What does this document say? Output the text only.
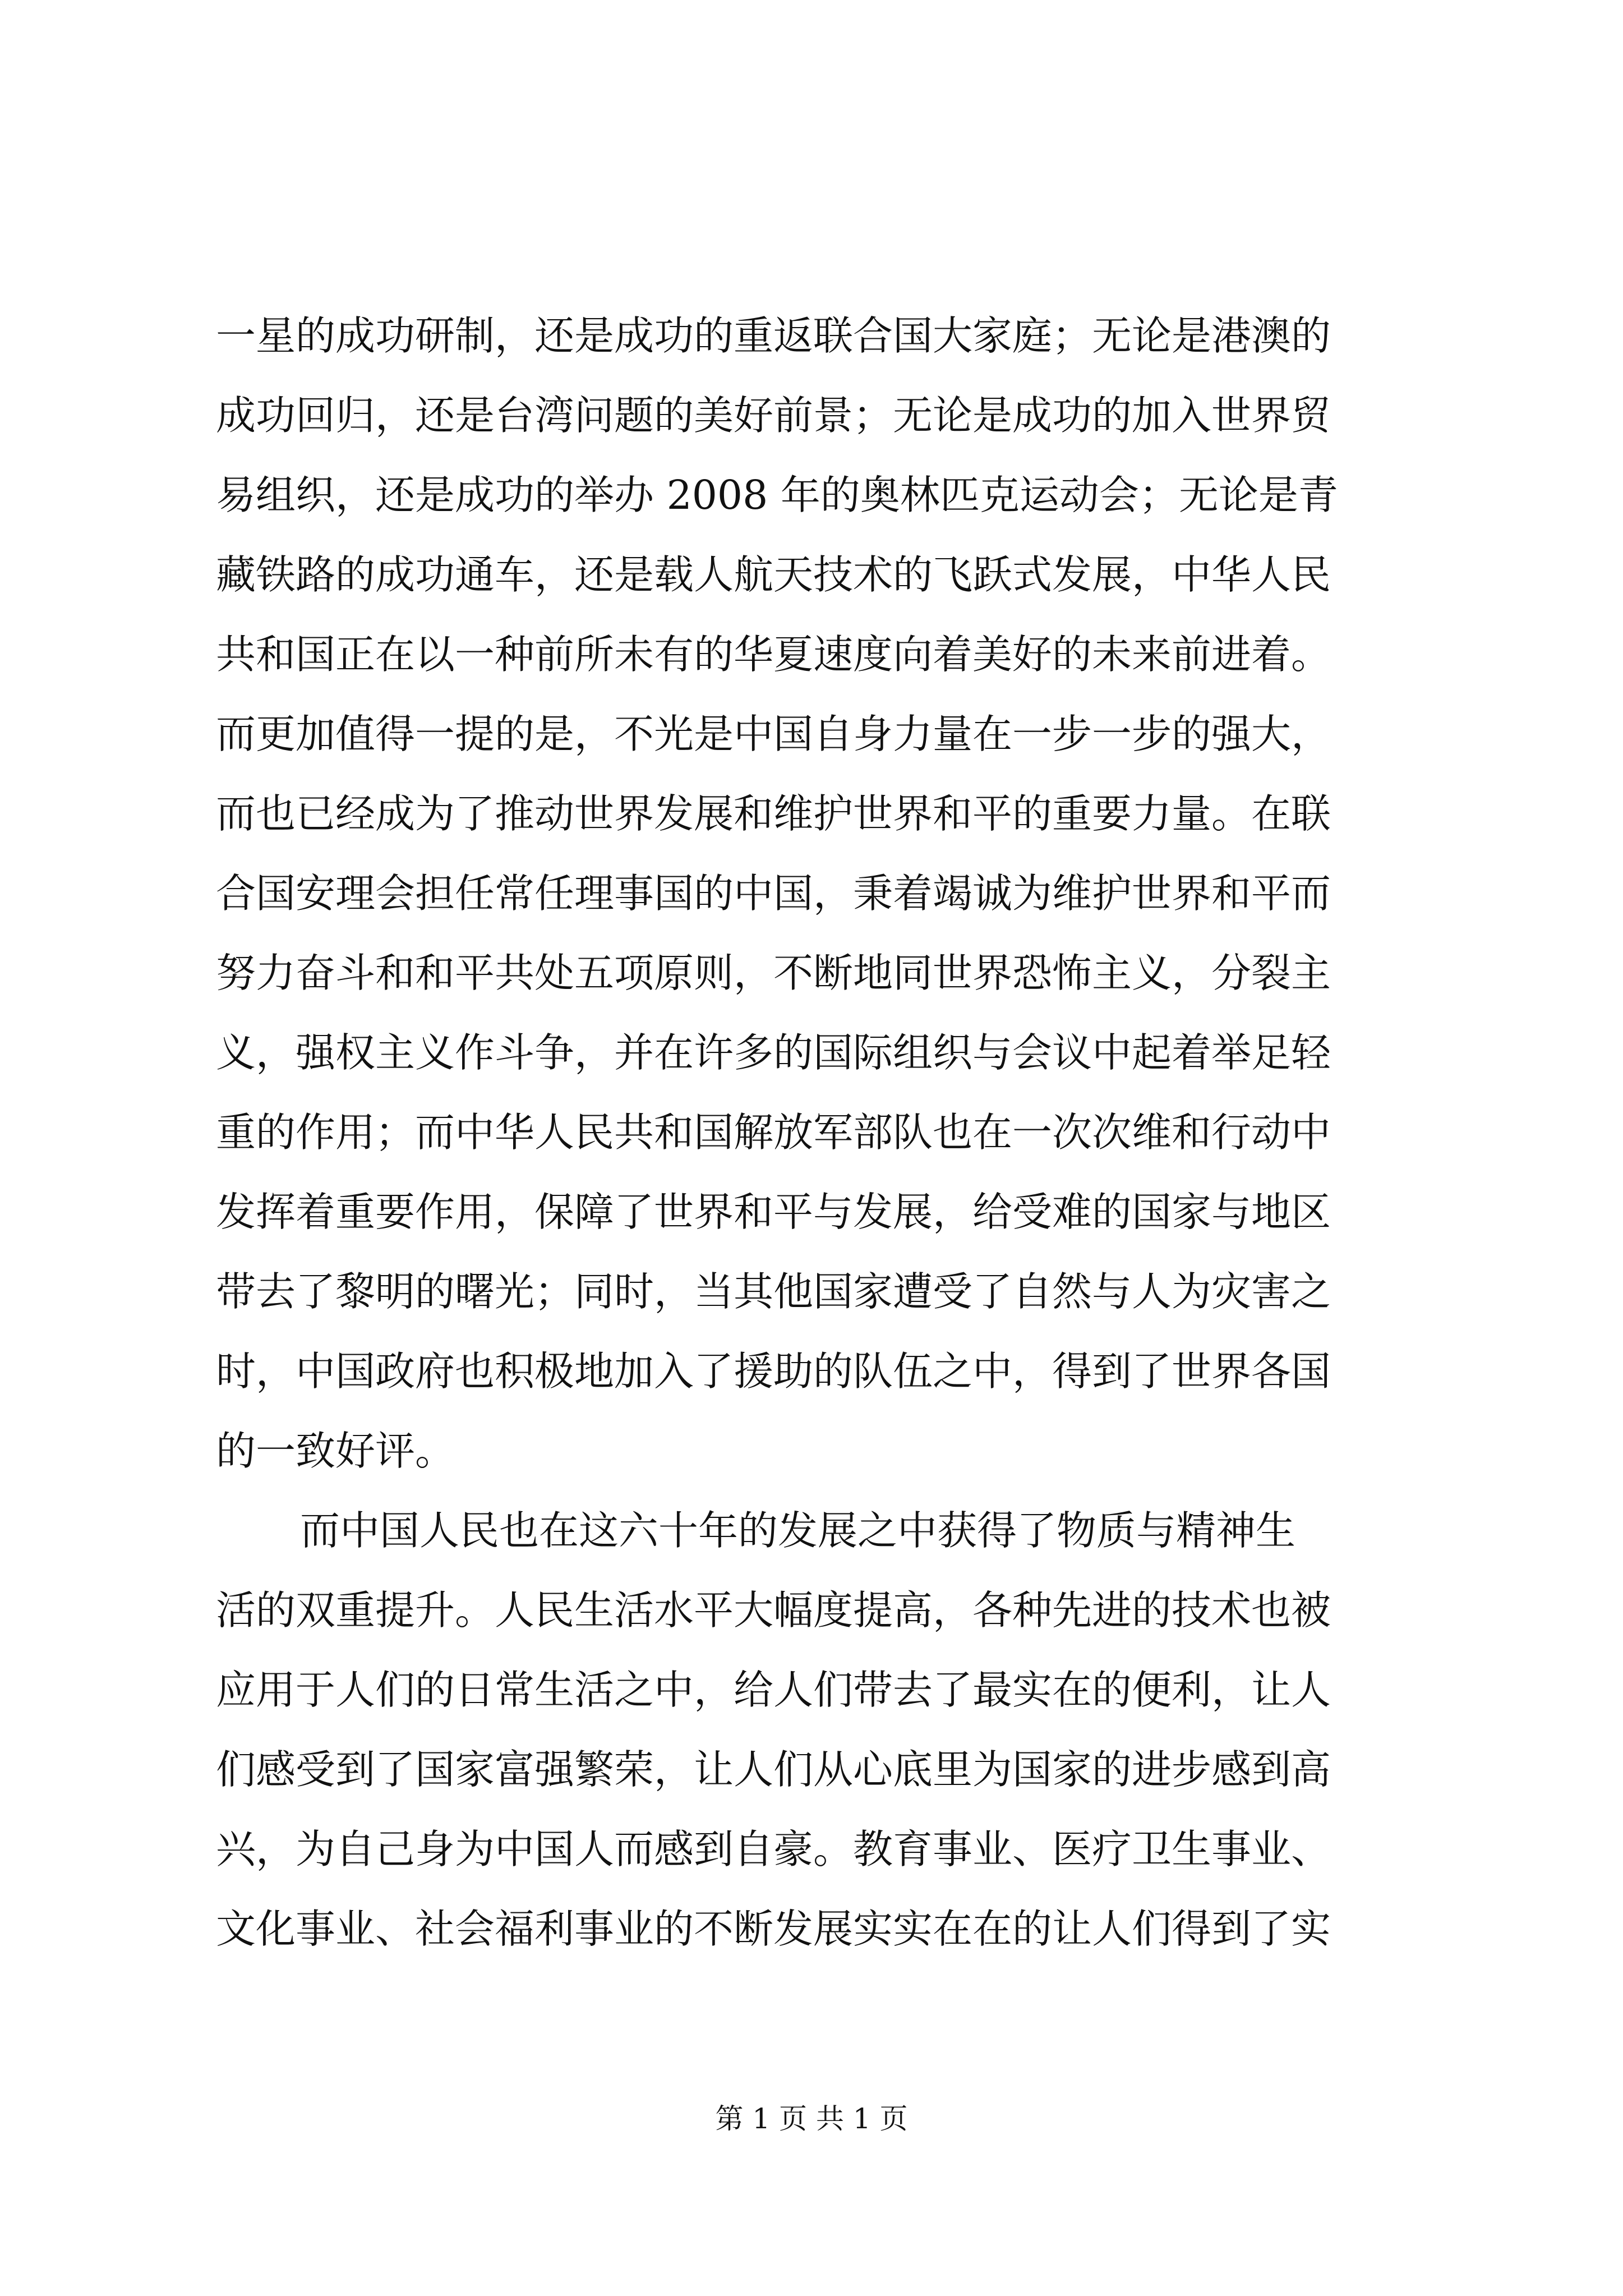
一星的成功研制，还是成功的重返联合国大家庭；无论是港澳的
成功回归，还是台湾问题的美好前景；无论是成功的加入世界贸
易组织，还是成功的举办 2008 年的奥林匹克运动会；无论是青
藏铁路的成功通车，还是载人航天技术的飞跃式发展，中华人民
共和国正在以一种前所未有的华夏速度向着美好的未来前进着。
而更加值得一提的是，不光是中国自身力量在一步一步的强大，
而也已经成为了推动世界发展和维护世界和平的重要力量。在联
合国安理会担任常任理事国的中国，秉着竭诚为维护世界和平而
努力奋斗和和平共处五项原则，不断地同世界恐怖主义，分裂主
义，强权主义作斗争，并在许多的国际组织与会议中起着举足轻
重的作用；而中华人民共和国解放军部队也在一次次维和行动中
发挥着重要作用，保障了世界和平与发展，给受难的国家与地区
带去了黎明的曙光；同时，当其他国家遭受了自然与人为灾害之
时，中国政府也积极地加入了援助的队伍之中，得到了世界各国
的一致好评。
而中国人民也在这六十年的发展之中获得了物质与精神生
活的双重提升。人民生活水平大幅度提高，各种先进的技术也被
应用于人们的日常生活之中，给人们带去了最实在的便利，让人
们感受到了国家富强繁荣，让人们从心底里为国家的进步感到高
兴，为自己身为中国人而感到自豪。教育事业、医疗卫生事业、
文化事业、社会福利事业的不断发展实实在在的让人们得到了实
第 1 页 共 1 页
